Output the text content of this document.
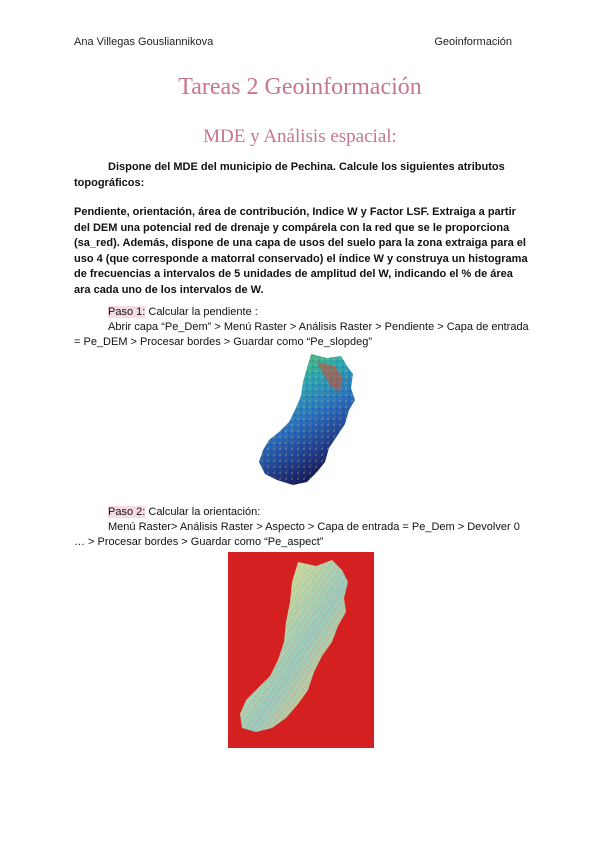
Ana Villegas Gousliannikova	Geoinformación
Tareas 2 Geoinformación
MDE y Análisis espacial:
Dispone del MDE del municipio de Pechina. Calcule los siguientes atributos topográficos:
Pendiente, orientación, área de contribución, Indice W y Factor LSF. Extraiga a partir del DEM una potencial red de drenaje y compárela con la red que se le proporciona (sa_red). Además, dispone de una capa de usos del suelo para la zona extraiga para el uso 4 (que corresponde a matorral conservado) el índice W y construya un histograma de frecuencias a intervalos de 5 unidades de amplitud del W, indicando el % de área ara cada uno de los intervalos de W.
Paso 1: Calcular la pendiente :
Abrir capa “Pe_Dem” > Menú Raster > Análisis Raster > Pendiente > Capa de entrada = Pe_DEM > Procesar bordes > Guardar como “Pe_slopdeg”
Paso 2: Calcular la orientación:
Menú Raster> Análisis Raster > Aspecto > Capa de entrada = Pe_Dem > Devolver 0 … > Procesar bordes > Guardar como “Pe_aspect”
